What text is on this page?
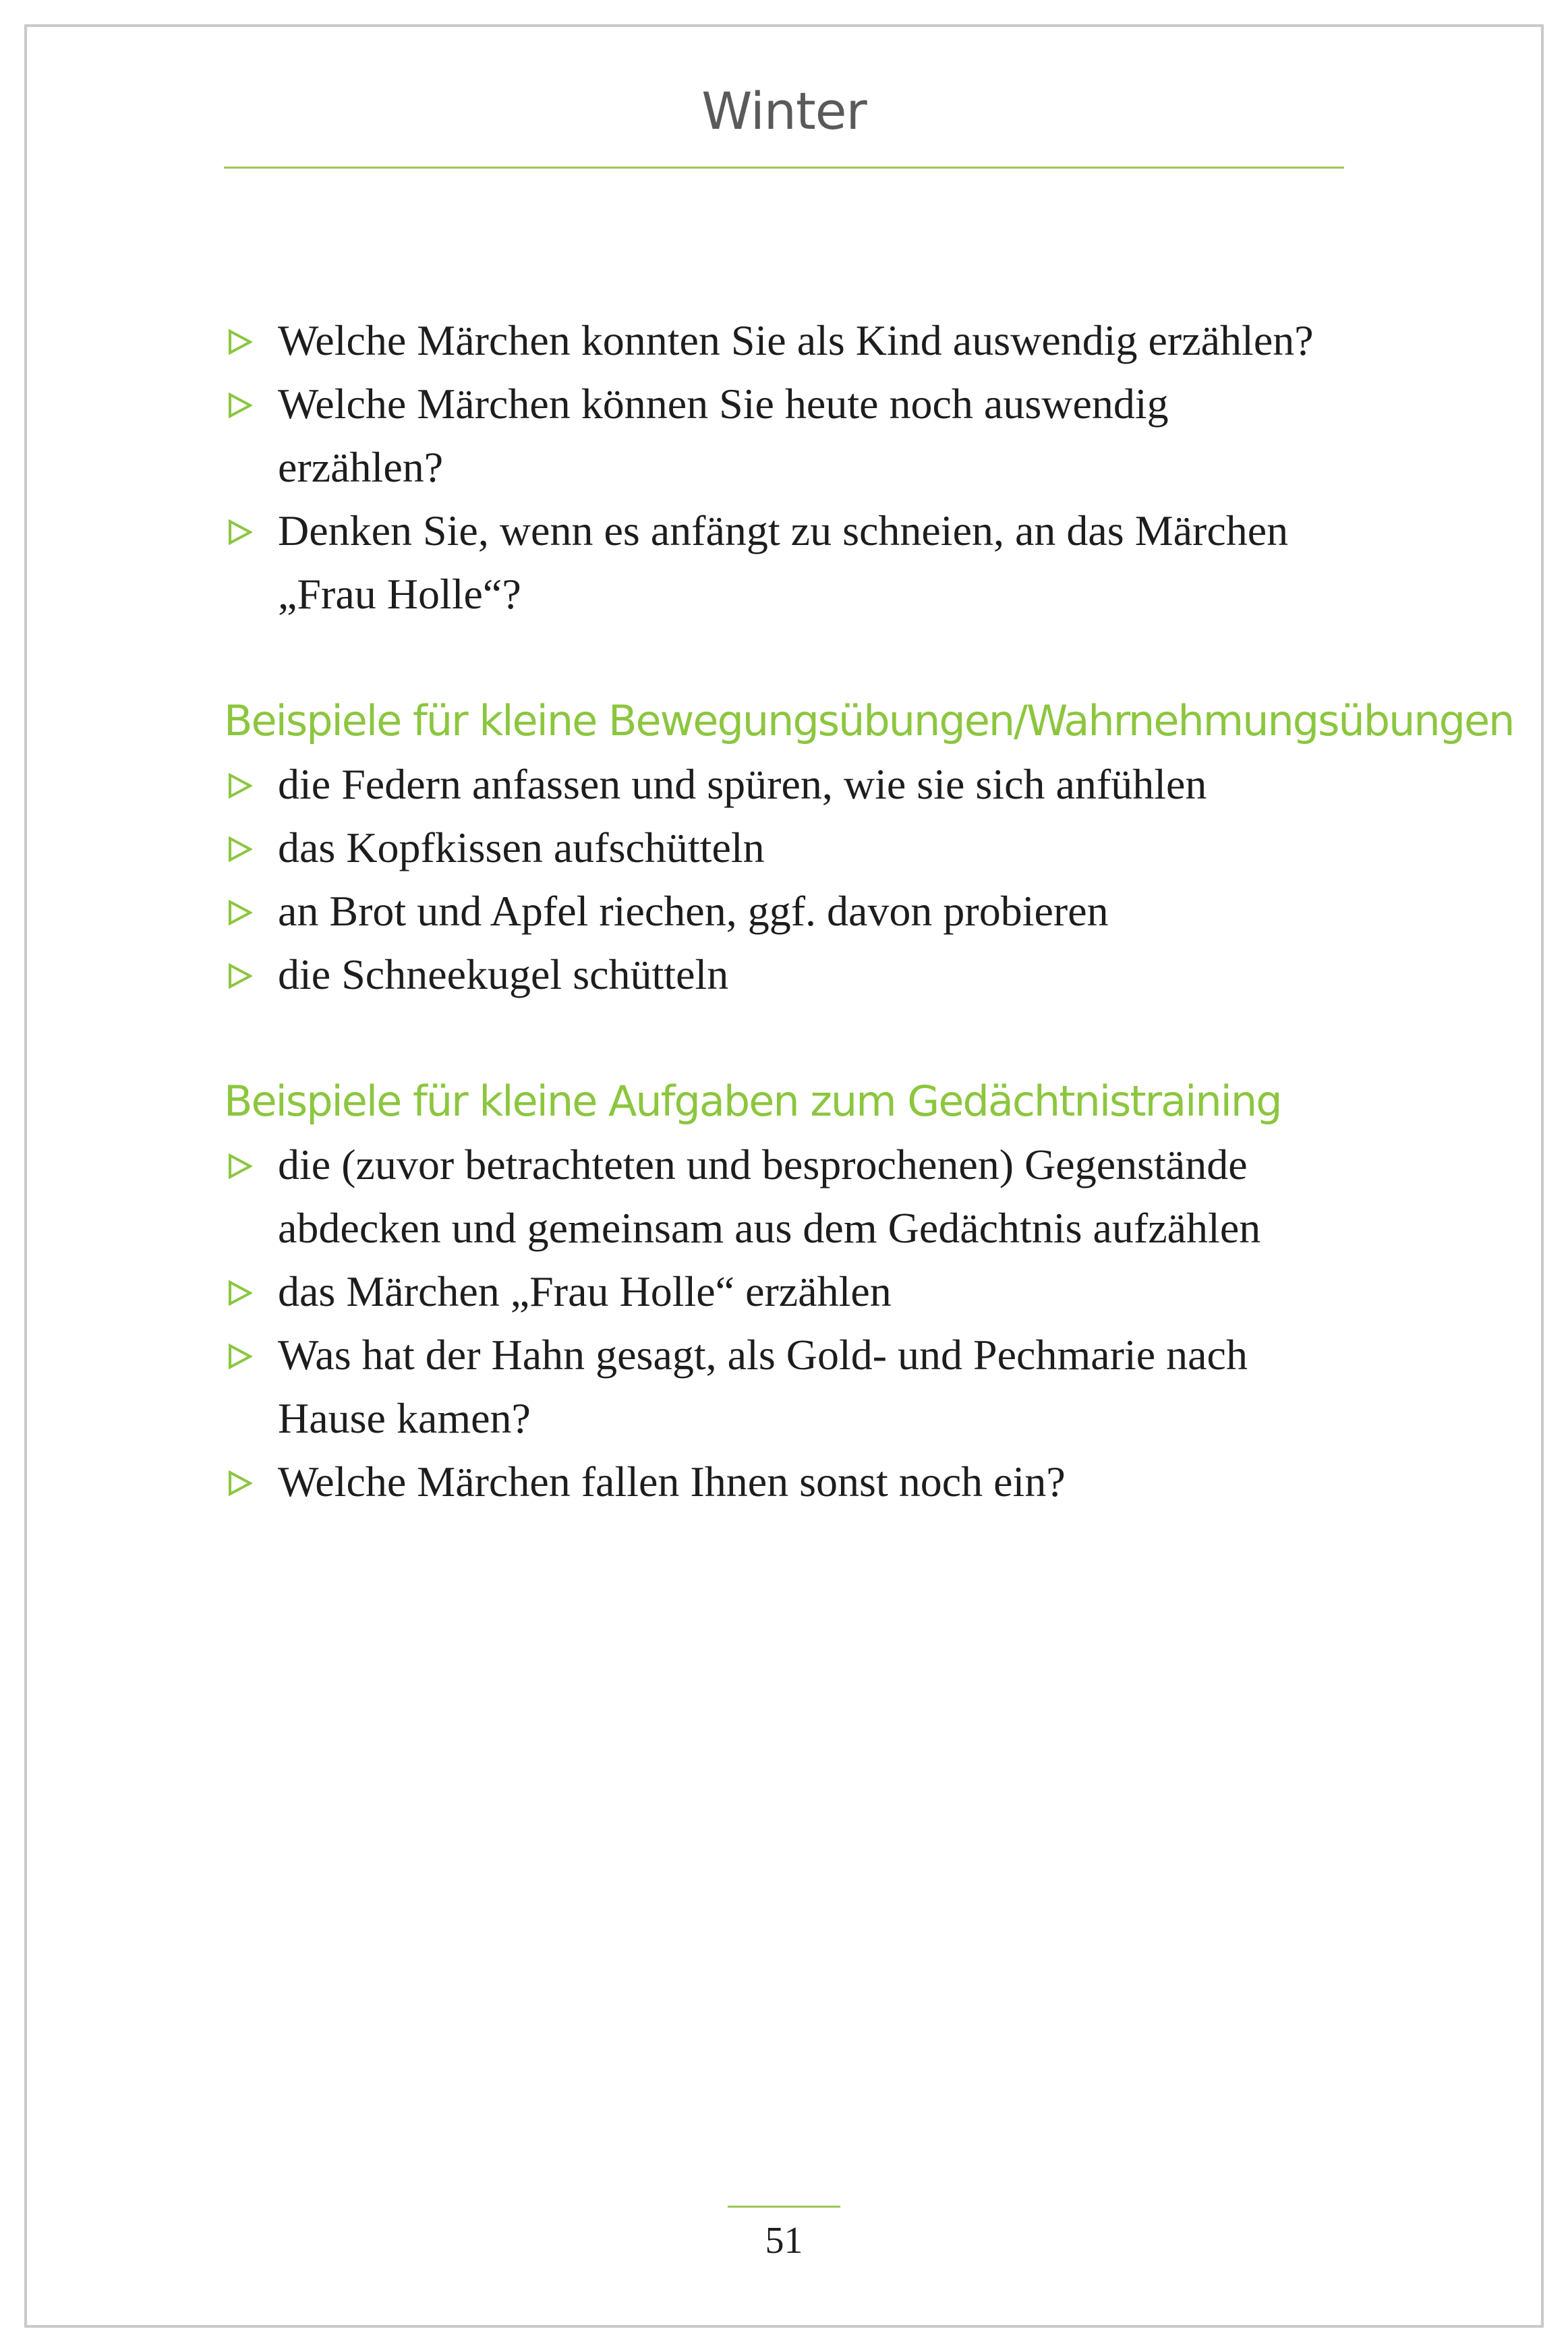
Winter
Welche Märchen konnten Sie als Kind auswendig erzählen?
Welche Märchen können Sie heute noch auswendig erzählen?
Denken Sie, wenn es anfängt zu schneien, an das Märchen „Frau Holle“?
Beispiele für kleine Bewegungsübungen/Wahrnehmungsübungen
die Federn anfassen und spüren, wie sie sich anfühlen
das Kopfkissen aufschütteln
an Brot und Apfel riechen, ggf. davon probieren
die Schneekugel schütteln
Beispiele für kleine Aufgaben zum Gedächtnistraining
die (zuvor betrachteten und besprochenen) Gegenstände abdecken und gemeinsam aus dem Gedächtnis aufzählen
das Märchen „Frau Holle“ erzählen
Was hat der Hahn gesagt, als Gold- und Pechmarie nach Hause kamen?
Welche Märchen fallen Ihnen sonst noch ein?
51
